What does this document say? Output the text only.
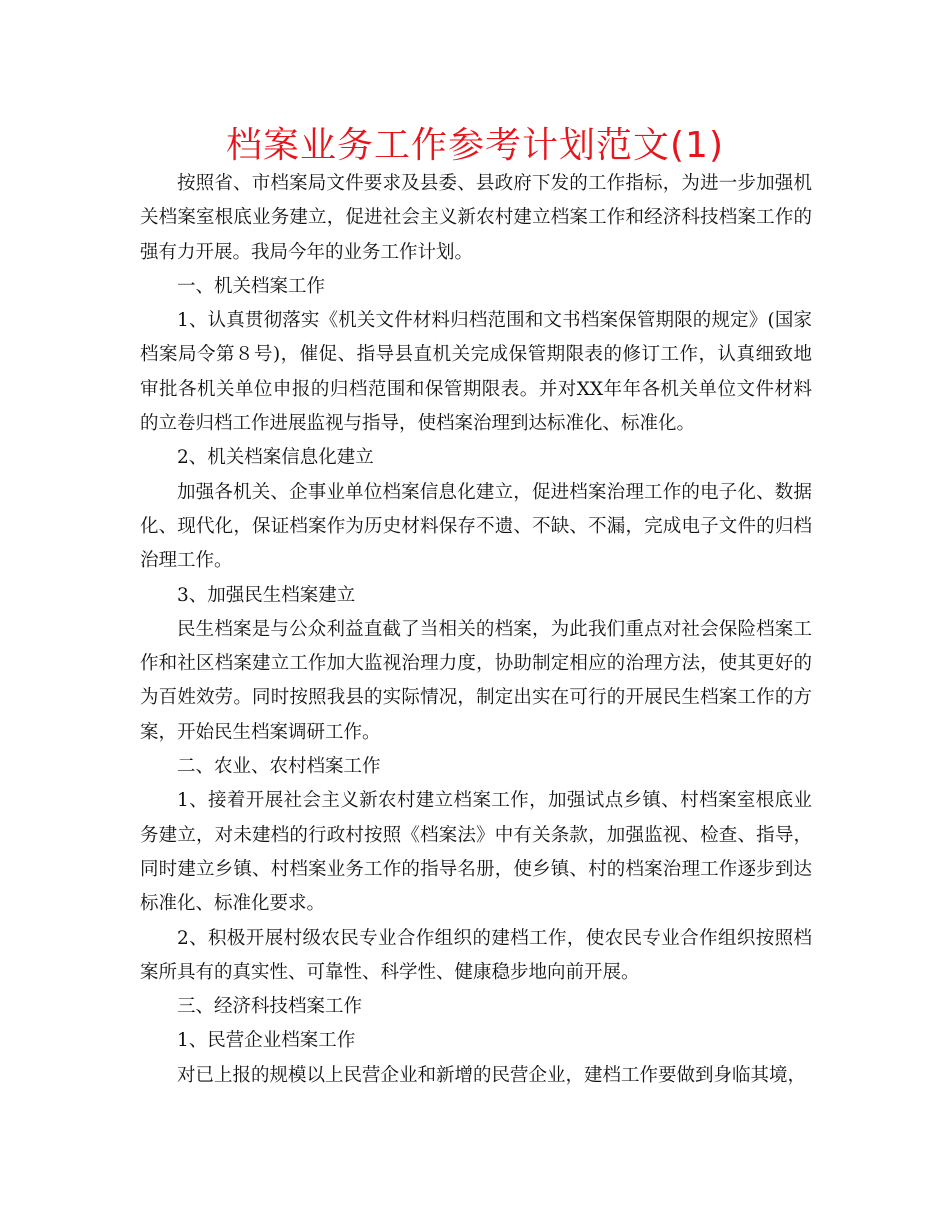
档案业务工作参考计划范文(1)

按照省、市档案局文件要求及县委、县政府下发的工作指标，为进一步加强机关档案室根底业务建立，促进社会主义新农村建立档案工作和经济科技档案工作的强有力开展。我局今年的业务工作计划。

一、机关档案工作

1、认真贯彻落实《机关文件材料归档范围和文书档案保管期限的规定》(国家档案局令第８号)，催促、指导县直机关完成保管期限表的修订工作，认真细致地审批各机关单位申报的归档范围和保管期限表。并对XX年年各机关单位文件材料的立卷归档工作进展监视与指导，使档案治理到达标准化、标准化。

2、机关档案信息化建立

加强各机关、企事业单位档案信息化建立，促进档案治理工作的电子化、数据化、现代化，保证档案作为历史材料保存不遗、不缺、不漏，完成电子文件的归档治理工作。

3、加强民生档案建立

民生档案是与公众利益直截了当相关的档案，为此我们重点对社会保险档案工作和社区档案建立工作加大监视治理力度，协助制定相应的治理方法，使其更好的为百姓效劳。同时按照我县的实际情况，制定出实在可行的开展民生档案工作的方案，开始民生档案调研工作。

二、农业、农村档案工作

1、接着开展社会主义新农村建立档案工作，加强试点乡镇、村档案室根底业务建立，对未建档的行政村按照《档案法》中有关条款，加强监视、检查、指导，同时建立乡镇、村档案业务工作的指导名册，使乡镇、村的档案治理工作逐步到达标准化、标准化要求。

2、积极开展村级农民专业合作组织的建档工作，使农民专业合作组织按照档案所具有的真实性、可靠性、科学性、健康稳步地向前开展。

三、经济科技档案工作

1、民营企业档案工作

对已上报的规模以上民营企业和新增的民营企业，建档工作要做到身临其境，
